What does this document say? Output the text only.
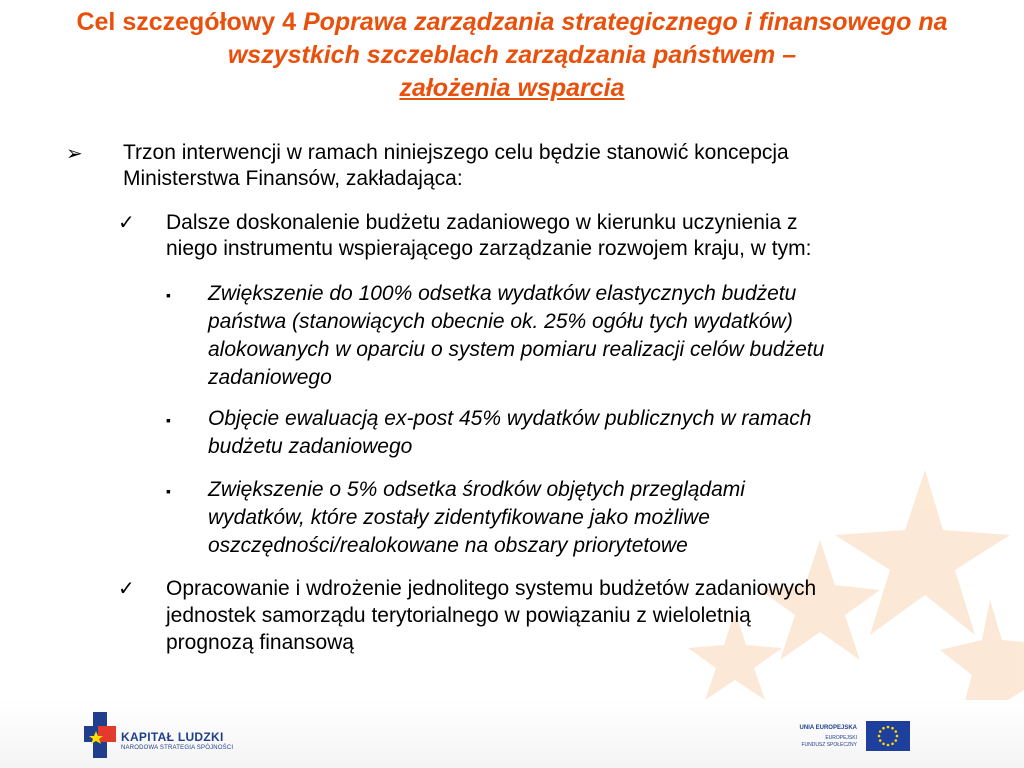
Cel szczegółowy 4 Poprawa zarządzania strategicznego i finansowego na wszystkich szczeblach zarządzania państwem –
założenia wsparcia
➢ Trzon interwencji w ramach niniejszego celu będzie stanowić koncepcja
Ministerstwa Finansów, zakładająca:
✓ Dalsze doskonalenie budżetu zadaniowego w kierunku uczynienia z
niego instrumentu wspierającego zarządzanie rozwojem kraju, w tym:
▪ Zwiększenie do 100% odsetka wydatków elastycznych budżetu
państwa (stanowiących obecnie ok. 25% ogółu tych wydatków)
alokowanych w oparciu o system pomiaru realizacji celów budżetu
zadaniowego
▪ Objęcie ewaluacją ex-post 45% wydatków publicznych w ramach
budżetu zadaniowego
▪ Zwiększenie o 5% odsetka środków objętych przeglądami
wydatków, które zostały zidentyfikowane jako możliwe
oszczędności/realokowane na obszary priorytetowe
✓ Opracowanie i wdrożenie jednolitego systemu budżetów zadaniowych
jednostek samorządu terytorialnego w powiązaniu z wieloletnią
prognozą finansową
KAPITAŁ LUDZKI
NARODOWA STRATEGIA SPÓJNOŚCI
UNIA EUROPEJSKA
EUROPEJSKI
FUNDUSZ SPOŁECZNY
